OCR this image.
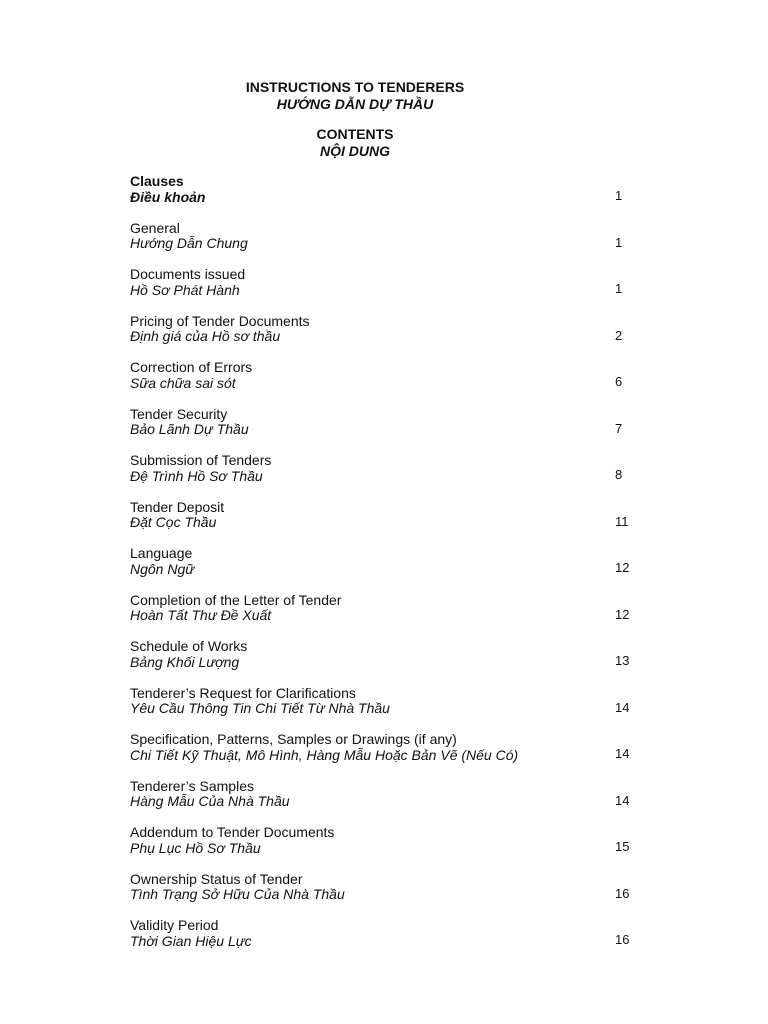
INSTRUCTIONS TO TENDERERS
HƯỚNG DẪN DỰ THẦU
CONTENTS
NỘI DUNG
Clauses
Điều khoản	1
General
Hướng Dẫn Chung	1
Documents issued
Hồ Sơ Phát Hành	1
Pricing of Tender Documents
Định giá của Hồ sơ thầu	2
Correction of Errors
Sữa chữa sai sót	6
Tender Security
Bảo Lãnh Dự Thầu	7
Submission of Tenders
Đệ Trình Hồ Sơ Thầu	8
Tender Deposit
Đặt Cọc Thầu	11
Language
Ngôn Ngữ	12
Completion of the Letter of Tender
Hoàn Tất Thư Đề Xuất	12
Schedule of Works
Bảng Khối Lượng	13
Tenderer’s Request for Clarifications
Yêu Cầu Thông Tin Chi Tiết Từ Nhà Thầu	14
Specification, Patterns, Samples or Drawings (if any)
Chi Tiết Kỹ Thuật, Mô Hình, Hàng Mẫu Hoặc Bản Vẽ (Nếu Có)	14
Tenderer’s Samples
Hàng Mẫu Của Nhà Thầu	14
Addendum to Tender Documents
Phụ Lục Hồ Sơ Thầu	15
Ownership Status of Tender
Tình Trạng Sở Hữu Của Nhà Thầu	16
Validity Period
Thời Gian Hiệu Lực	16
